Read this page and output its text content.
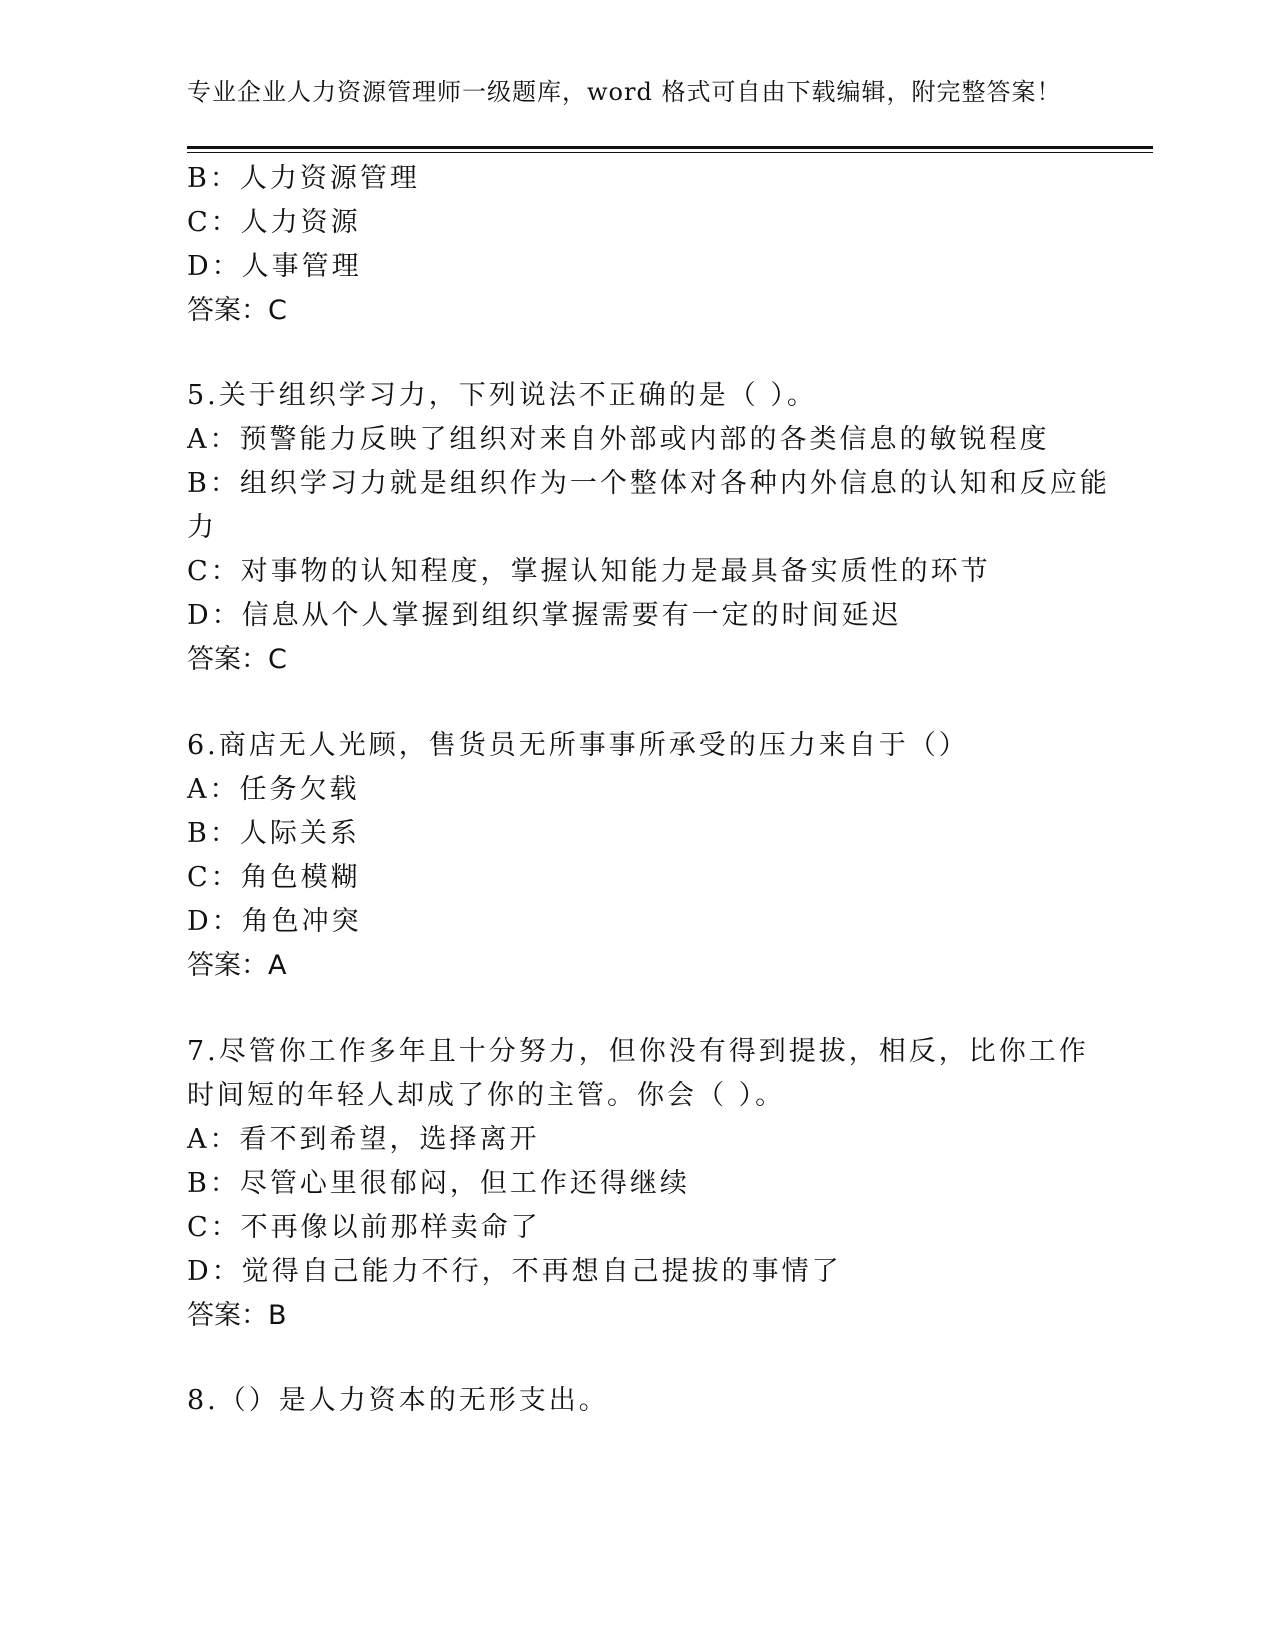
专业企业人力资源管理师一级题库，word 格式可自由下载编辑，附完整答案！
B：人力资源管理
C：人力资源
D：人事管理
答案：C
5.关于组织学习力，下列说法不正确的是（ ）。
A：预警能力反映了组织对来自外部或内部的各类信息的敏锐程度
B：组织学习力就是组织作为一个整体对各种内外信息的认知和反应能
力
C：对事物的认知程度，掌握认知能力是最具备实质性的环节
D：信息从个人掌握到组织掌握需要有一定的时间延迟
答案：C
6.商店无人光顾，售货员无所事事所承受的压力来自于（）
A：任务欠载
B：人际关系
C：角色模糊
D：角色冲突
答案：A
7.尽管你工作多年且十分努力，但你没有得到提拔，相反，比你工作
时间短的年轻人却成了你的主管。你会（ ）。
A：看不到希望，选择离开
B：尽管心里很郁闷，但工作还得继续
C：不再像以前那样卖命了
D：觉得自己能力不行，不再想自己提拔的事情了
答案：B
8.（）是人力资本的无形支出。
